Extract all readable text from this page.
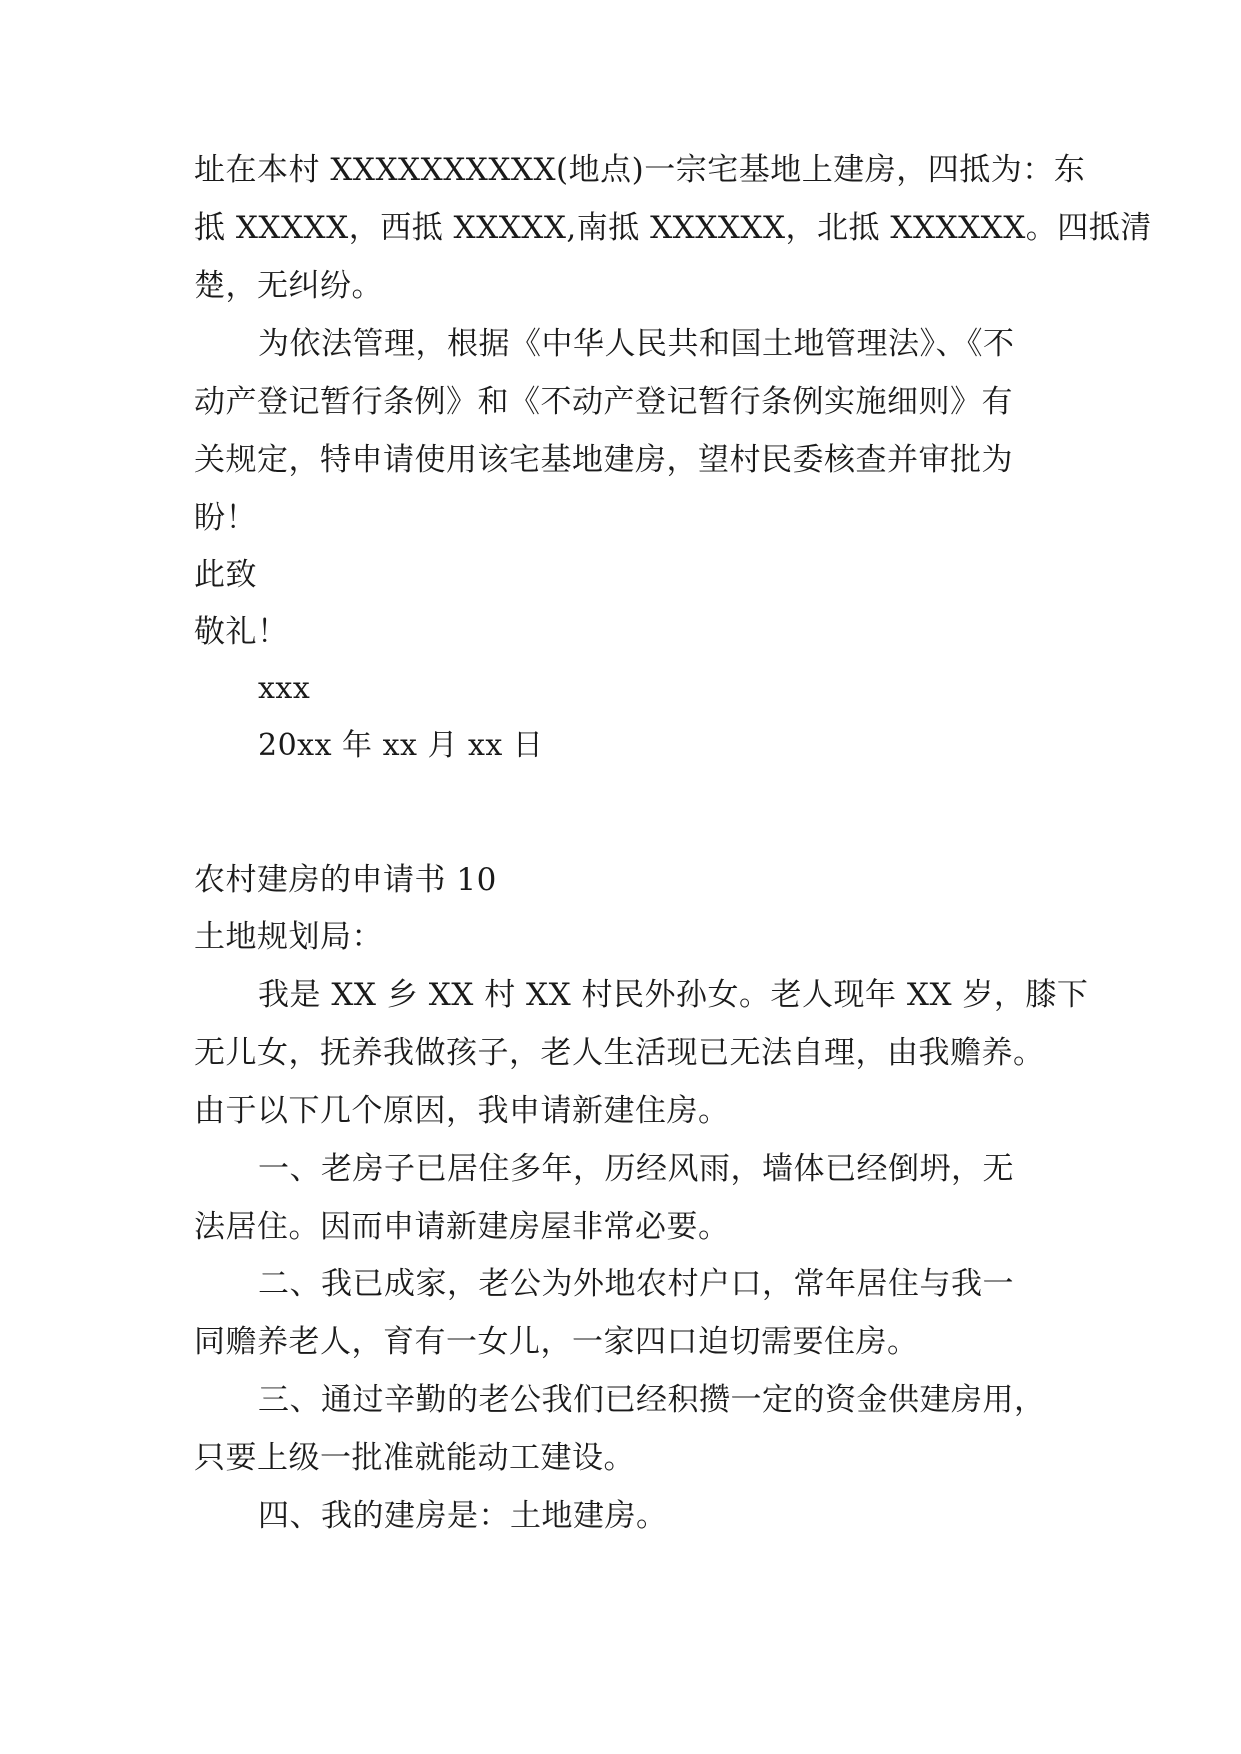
址在本村 XXXXXXXXXX(地点)一宗宅基地上建房，四抵为：东
抵 XXXXX，西抵 XXXXX,南抵 XXXXXX，北抵 XXXXXX。四抵清
楚，无纠纷。
为依法管理，根据《中华人民共和国土地管理法》、《不
动产登记暂行条例》和《不动产登记暂行条例实施细则》有
关规定，特申请使用该宅基地建房，望村民委核查并审批为
盼！
此致
敬礼！
xxx
20xx 年 xx 月 xx 日
农村建房的申请书 10
土地规划局：
我是 XX 乡 XX 村 XX 村民外孙女。老人现年 XX 岁，膝下
无儿女，抚养我做孩子，老人生活现已无法自理，由我赡养。
由于以下几个原因，我申请新建住房。
一、老房子已居住多年，历经风雨，墙体已经倒坍，无
法居住。因而申请新建房屋非常必要。
二、我已成家，老公为外地农村户口，常年居住与我一
同赡养老人，育有一女儿，一家四口迫切需要住房。
三、通过辛勤的老公我们已经积攒一定的资金供建房用，
只要上级一批准就能动工建设。
四、我的建房是：土地建房。
